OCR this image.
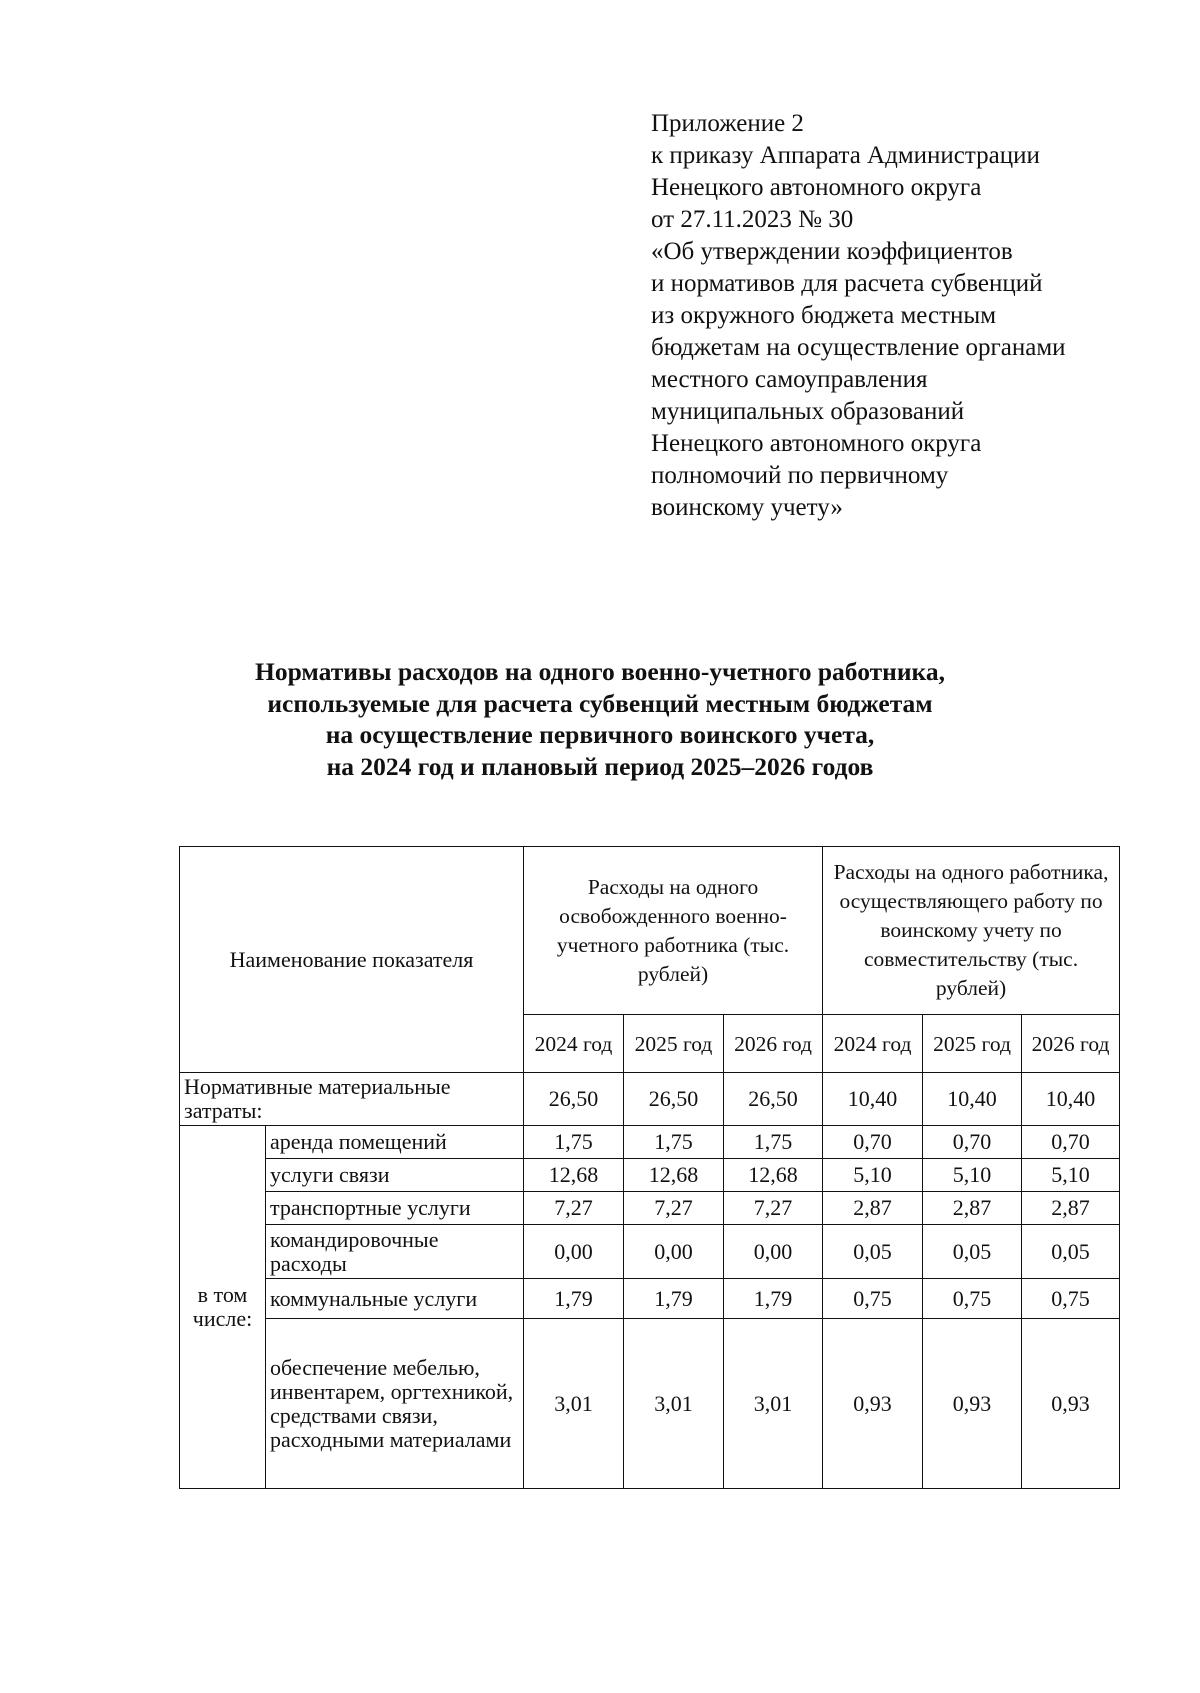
Приложение 2
к приказу Аппарата Администрации
Ненецкого автономного округа
от 27.11.2023 № 30
«Об утверждении коэффициентов
и нормативов для расчета субвенций
из окружного бюджета местным
бюджетам на осуществление органами
местного самоуправления
муниципальных образований
Ненецкого автономного округа
полномочий по первичному
воинскому учету»
Нормативы расходов на одного военно-учетного работника,
используемые для расчета субвенций местным бюджетам
на осуществление первичного воинского учета,
на 2024 год и плановый период 2025–2026 годов
Наименование показателя		Расходы на одного освобожденного военно-учетного работника (тыс. рублей)			Расходы на одного работника, осуществляющего работу по воинскому учету по совместительству (тыс. рублей)		
		2024 год	2025 год	2026 год	2024 год	2025 год	2026 год
Нормативные материальные затраты:		26,50	26,50	26,50	10,40	10,40	10,40
в том числе:	аренда помещений	1,75	1,75	1,75	0,70	0,70	0,70
	услуги связи	12,68	12,68	12,68	5,10	5,10	5,10
	транспортные услуги	7,27	7,27	7,27	2,87	2,87	2,87
	командировочные расходы	0,00	0,00	0,00	0,05	0,05	0,05
	коммунальные услуги	1,79	1,79	1,79	0,75	0,75	0,75
	обеспечение мебелью, инвентарем, оргтехникой, средствами связи, расходными материалами	3,01	3,01	3,01	0,93	0,93	0,93
